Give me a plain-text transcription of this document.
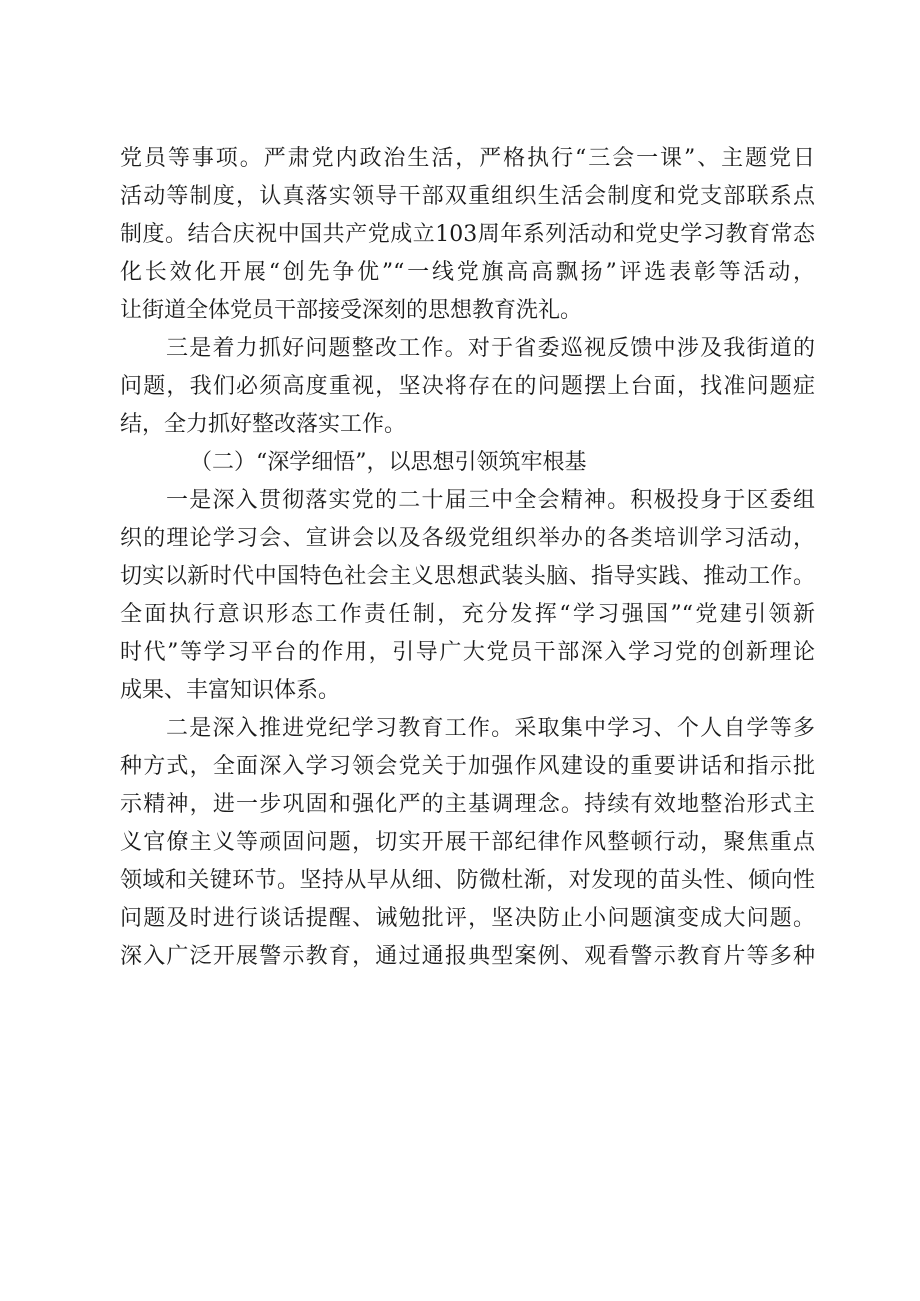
党员等事项。严肃党内政治生活，严格执行“三会一课”、主题党日
活动等制度，认真落实领导干部双重组织生活会制度和党支部联系点
制度。结合庆祝中国共产党成立103周年系列活动和党史学习教育常态
化长效化开展“创先争优”“一线党旗高高飘扬”评选表彰等活动，
让街道全体党员干部接受深刻的思想教育洗礼。
三是着力抓好问题整改工作。对于省委巡视反馈中涉及我街道的
问题，我们必须高度重视，坚决将存在的问题摆上台面，找准问题症
结，全力抓好整改落实工作。
（二）“深学细悟”，以思想引领筑牢根基
一是深入贯彻落实党的二十届三中全会精神。积极投身于区委组
织的理论学习会、宣讲会以及各级党组织举办的各类培训学习活动，
切实以新时代中国特色社会主义思想武装头脑、指导实践、推动工作。
全面执行意识形态工作责任制，充分发挥“学习强国”“党建引领新
时代”等学习平台的作用，引导广大党员干部深入学习党的创新理论
成果、丰富知识体系。
二是深入推进党纪学习教育工作。采取集中学习、个人自学等多
种方式，全面深入学习领会党关于加强作风建设的重要讲话和指示批
示精神，进一步巩固和强化严的主基调理念。持续有效地整治形式主
义官僚主义等顽固问题，切实开展干部纪律作风整顿行动，聚焦重点
领域和关键环节。坚持从早从细、防微杜渐，对发现的苗头性、倾向性
问题及时进行谈话提醒、诫勉批评，坚决防止小问题演变成大问题。
深入广泛开展警示教育，通过通报典型案例、观看警示教育片等多种
